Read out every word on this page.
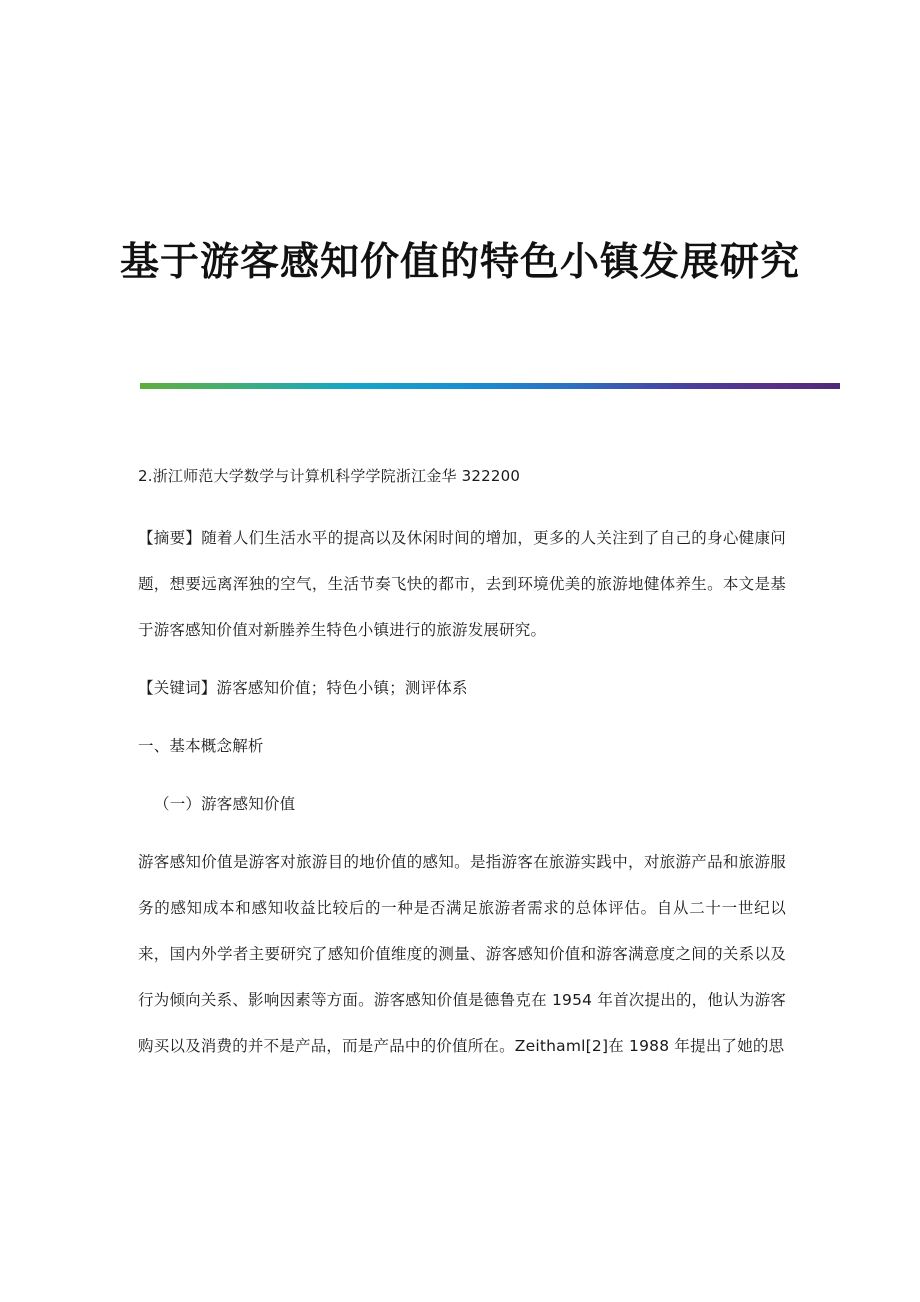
基于游客感知价值的特色小镇发展研究

2.浙江师范大学数学与计算机科学学院浙江金华 322200

【摘要】随着人们生活水平的提高以及休闲时间的增加，更多的人关注到了自己的身心健康问题，想要远离浑独的空气，生活节奏飞快的都市，去到环境优美的旅游地健体养生。本文是基于游客感知价值对新塍养生特色小镇进行的旅游发展研究。

【关键词】游客感知价值；特色小镇；测评体系

一、基本概念解析

（一）游客感知价值

游客感知价值是游客对旅游目的地价值的感知。是指游客在旅游实践中，对旅游产品和旅游服务的感知成本和感知收益比较后的一种是否满足旅游者需求的总体评估。自从二十一世纪以来，国内外学者主要研究了感知价值维度的测量、游客感知价值和游客满意度之间的关系以及行为倾向关系、影响因素等方面。游客感知价值是德鲁克在 1954 年首次提出的，他认为游客购买以及消费的并不是产品，而是产品中的价值所在。Zeithaml[2]在 1988 年提出了她的思
